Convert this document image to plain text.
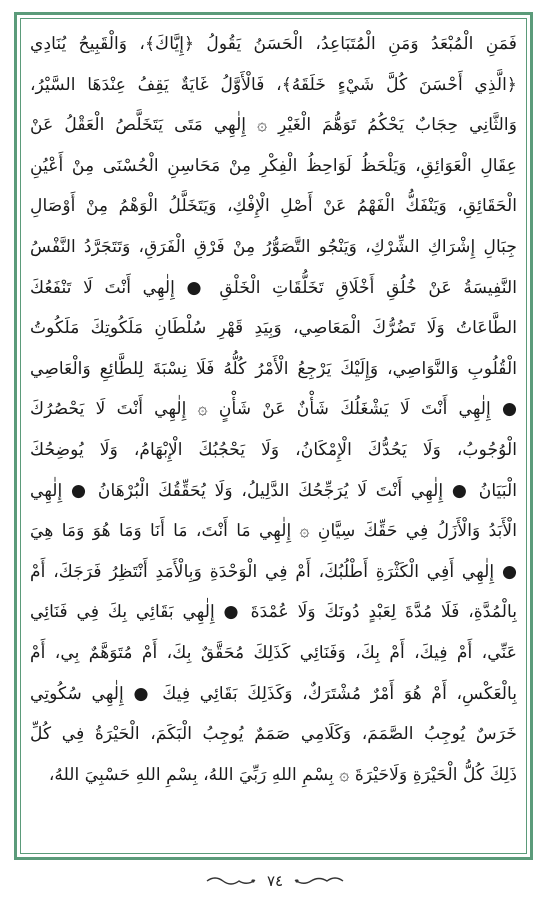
فَمَنِ الْمُبْعَدُ وَمَنِ الْمُتَبَاعِدُ، الْحَسَنُ يَقُولُ ﴿إِيَّاكَ﴾، وَالْقَبِيحُ يُنَادِي
﴿الَّذِي أَحْسَنَ كُلَّ شَيْءٍ خَلَقَهُ﴾، فَالْأَوَّلُ غَايَةٌ يَقِفُ عِنْدَهَا السَّيْرُ،
وَالثَّانِي حِجَابٌ يَحْكُمُ تَوَهُّمَ الْغَيْرِ ۞ إِلٰهِي مَتَى يَتَخَلَّصُ الْعَقْلُ عَنْ
عِقَالِ الْعَوَائِقِ، وَيَلْحَظُ لَوَاحِظُ الْفِكْرِ مِنْ مَحَاسِنِ الْحُسْنَى مِنْ أَعْيُنِ
الْحَقَائِقِ، وَيَنْفَكُّ الْفَهْمُ عَنْ أَصْلِ الْإِفْكِ، وَيَتَخَلَّلُ الْوَهْمُ مِنْ أَوْصَالِ
جِبَالِ إِشْرَاكِ الشِّرْكِ، وَيَنْجُو التَّصَوُّرُ مِنْ فَرْقِ الْفَرَقِ، وَتَتَجَرَّدُ النَّفْسُ
النَّفِيسَةُ عَنْ خُلُقِ أَخْلَاقِ تَخَلُّقَاتِ الْخَلْقِ ● إِلٰهِي أَنْتَ لَا تَنْفَعُكَ
الطَّاعَاتُ وَلَا تَضُرُّكَ الْمَعَاصِي، وَبِيَدِ قَهْرِ سُلْطَانِ مَلَكُوتِكَ مَلَكُوتُ
الْقُلُوبِ وَالنَّوَاصِي، وَإِلَيْكَ يَرْجِعُ الْأَمْرُ كُلُّهُ فَلَا نِسْبَةَ لِلطَّائِعِ وَالْعَاصِي
● إِلٰهِي أَنْتَ لَا يَشْغَلُكَ شَأْنٌ عَنْ شَأْنٍ ۞ إِلٰهِي أَنْتَ لَا يَحْصُرُكَ
الْوُجُوبُ، وَلَا يَحُدُّكَ الْإِمْكَانُ، وَلَا يَحْجُبُكَ الْإِبْهَامُ، وَلَا يُوضِحُكَ
الْبَيَانُ ● إِلٰهِي أَنْتَ لَا يُرَجِّحُكَ الدَّلِيلُ، وَلَا يُحَقِّقُكَ الْبُرْهَانُ ● إِلٰهِي
الْأَبَدُ وَالْأَزَلُ فِي حَقِّكَ سِيَّانِ ۞ إِلٰهِي مَا أَنْتَ، مَا أَنَا وَمَا هُوَ وَمَا هِيَ
● إِلٰهِي أَفِي الْكَثْرَةِ أَطْلُبُكَ، أَمْ فِي الْوَحْدَةِ وَبِالْأَمَدِ أَنْتَظِرُ فَرَجَكَ، أَمْ
بِالْمُدَّةِ، فَلَا مُدَّةَ لِعَبْدٍ دُونَكَ وَلَا عُمْدَةَ ● إِلٰهِي بَقَائِي بِكَ فِي فَنَائِي
عَنِّي، أَمْ فِيكَ، أَمْ بِكَ، وَفَنَائِي كَذَلِكَ مُحَقَّقٌ بِكَ، أَمْ مُتَوَهَّمٌ بِي، أَمْ
بِالْعَكْسِ، أَمْ هُوَ أَمْرٌ مُشْتَرَكٌ، وَكَذَلِكَ بَقَائِي فِيكَ ● إِلٰهِي سُكُوتِي
خَرَسٌ يُوجِبُ الصَّمَمَ، وَكَلَامِي صَمَمٌ يُوجِبُ الْبَكَمَ، الْحَيْرَةُ فِي كُلِّ
ذَلِكَ كُلُّ الْحَيْرَةِ وَلَاحَيْرَةَ ۞ بِسْمِ اللهِ رَبِّيَ اللهُ، بِسْمِ اللهِ حَسْبِيَ اللهُ،
٧٤
